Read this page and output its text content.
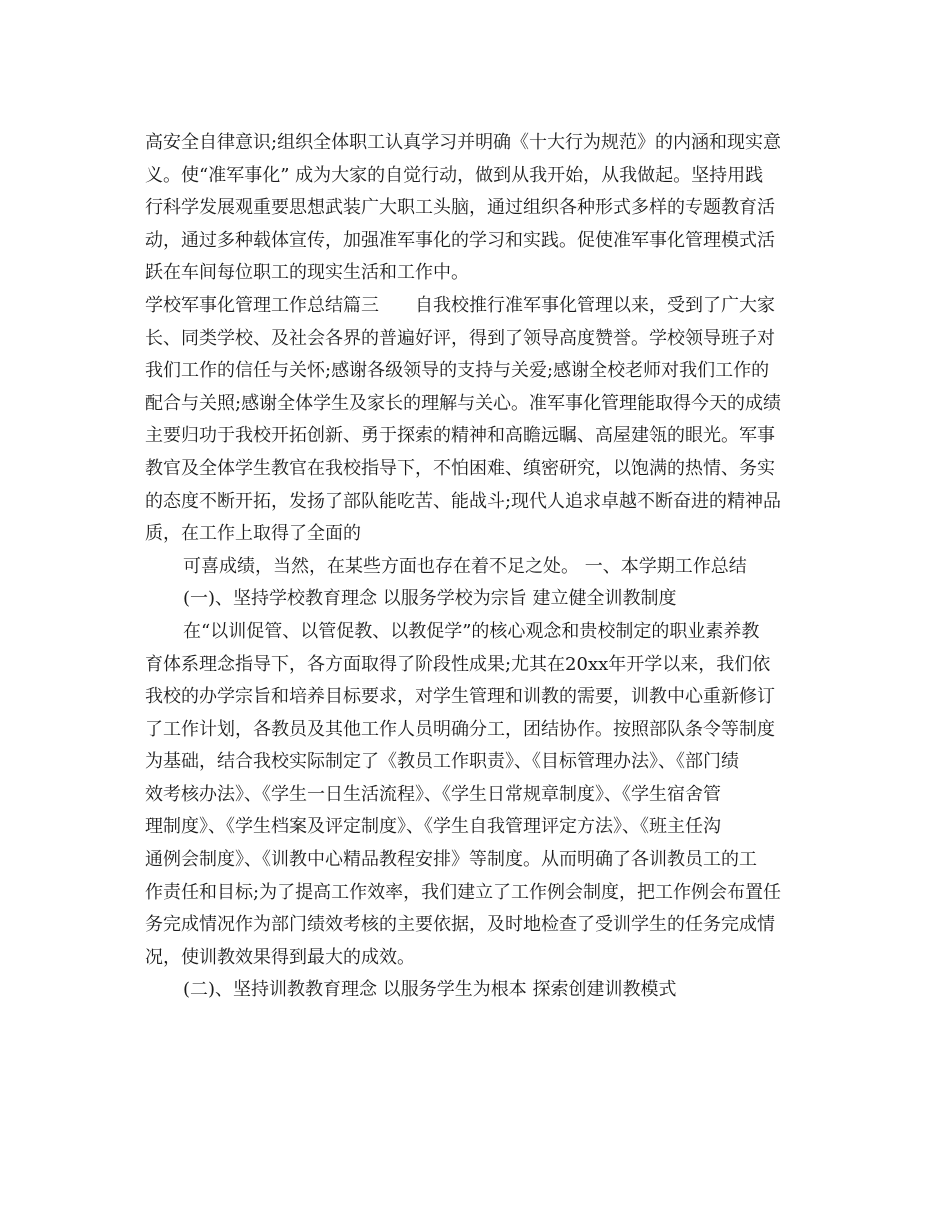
高安全自律意识;组织全体职工认真学习并明确《十大行为规范》的内涵和现实意
义。使“准军事化” 成为大家的自觉行动，做到从我开始，从我做起。坚持用践
行科学发展观重要思想武装广大职工头脑，通过组织各种形式多样的专题教育活
动，通过多种载体宣传，加强准军事化的学习和实践。促使准军事化管理模式活
跃在车间每位职工的现实生活和工作中。
学校军事化管理工作总结篇三　　自我校推行准军事化管理以来，受到了广大家
长、同类学校、及社会各界的普遍好评，得到了领导高度赞誉。学校领导班子对
我们工作的信任与关怀;感谢各级领导的支持与关爱;感谢全校老师对我们工作的
配合与关照;感谢全体学生及家长的理解与关心。准军事化管理能取得今天的成绩
主要归功于我校开拓创新、勇于探索的精神和高瞻远瞩、高屋建瓴的眼光。军事
教官及全体学生教官在我校指导下，不怕困难、缜密研究，以饱满的热情、务实
的态度不断开拓，发扬了部队能吃苦、能战斗;现代人追求卓越不断奋进的精神品
质，在工作上取得了全面的
可喜成绩，当然，在某些方面也存在着不足之处。 一、本学期工作总结
(一)、坚持学校教育理念 以服务学校为宗旨 建立健全训教制度
在“以训促管、以管促教、以教促学”的核心观念和贵校制定的职业素养教
育体系理念指导下，各方面取得了阶段性成果;尤其在20xx年开学以来，我们依
我校的办学宗旨和培养目标要求，对学生管理和训教的需要，训教中心重新修订
了工作计划，各教员及其他工作人员明确分工，团结协作。按照部队条令等制度
为基础，结合我校实际制定了《教员工作职责》、《目标管理办法》、《部门绩
效考核办法》、《学生一日生活流程》、《学生日常规章制度》、《学生宿舍管
理制度》、《学生档案及评定制度》、《学生自我管理评定方法》、《班主任沟
通例会制度》、《训教中心精品教程安排》等制度。从而明确了各训教员工的工
作责任和目标;为了提高工作效率，我们建立了工作例会制度，把工作例会布置任
务完成情况作为部门绩效考核的主要依据，及时地检查了受训学生的任务完成情
况，使训教效果得到最大的成效。
(二)、坚持训教教育理念 以服务学生为根本 探索创建训教模式
